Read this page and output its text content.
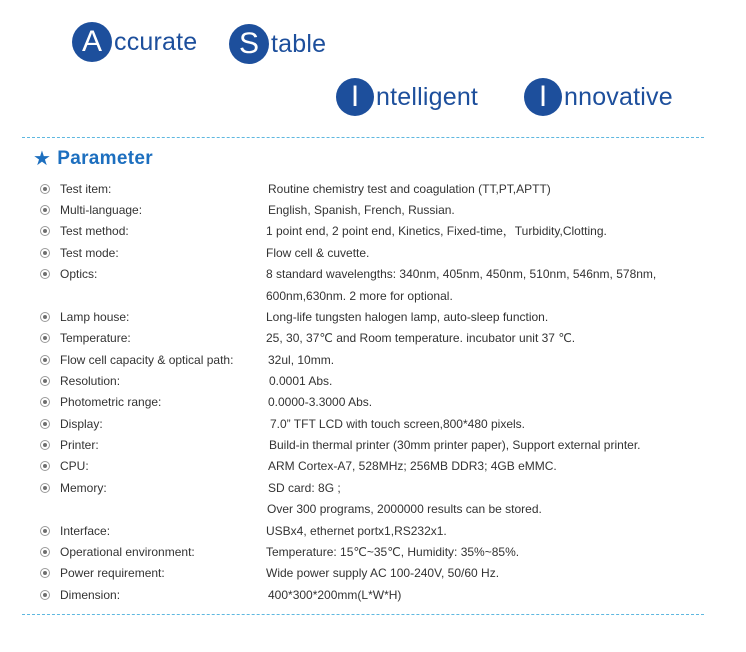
A ccurate	S table
I ntelligent	I nnovative
★ Parameter
Test item:	Routine chemistry test and coagulation (TT,PT,APTT)
Multi-language:	English, Spanish, French, Russian.
Test method:	1 point end, 2 point end, Kinetics, Fixed-time，Turbidity,Clotting.
Test mode:	Flow cell & cuvette.
Optics:	8 standard wavelengths: 340nm, 405nm, 450nm, 510nm, 546nm, 578nm,
600nm,630nm. 2 more for optional.
Lamp house:	Long-life tungsten halogen lamp, auto-sleep function.
Temperature:	25, 30, 37℃ and Room temperature. incubator unit 37 ℃.
Flow cell capacity & optical path:	32ul, 10mm.
Resolution:	0.0001 Abs.
Photometric range:	0.0000-3.3000 Abs.
Display:	7.0” TFT LCD with touch screen,800*480 pixels.
Printer:	Build-in thermal printer (30mm printer paper), Support external printer.
CPU:	ARM Cortex-A7, 528MHz; 256MB DDR3; 4GB eMMC.
Memory:	SD card: 8G ;
Over 300 programs, 2000000 results can be stored.
Interface:	USBx4, ethernet portx1,RS232x1.
Operational environment:	Temperature: 15℃~35℃, Humidity: 35%~85%.
Power requirement:	Wide power supply AC 100-240V, 50/60 Hz.
Dimension:	400*300*200mm(L*W*H)
